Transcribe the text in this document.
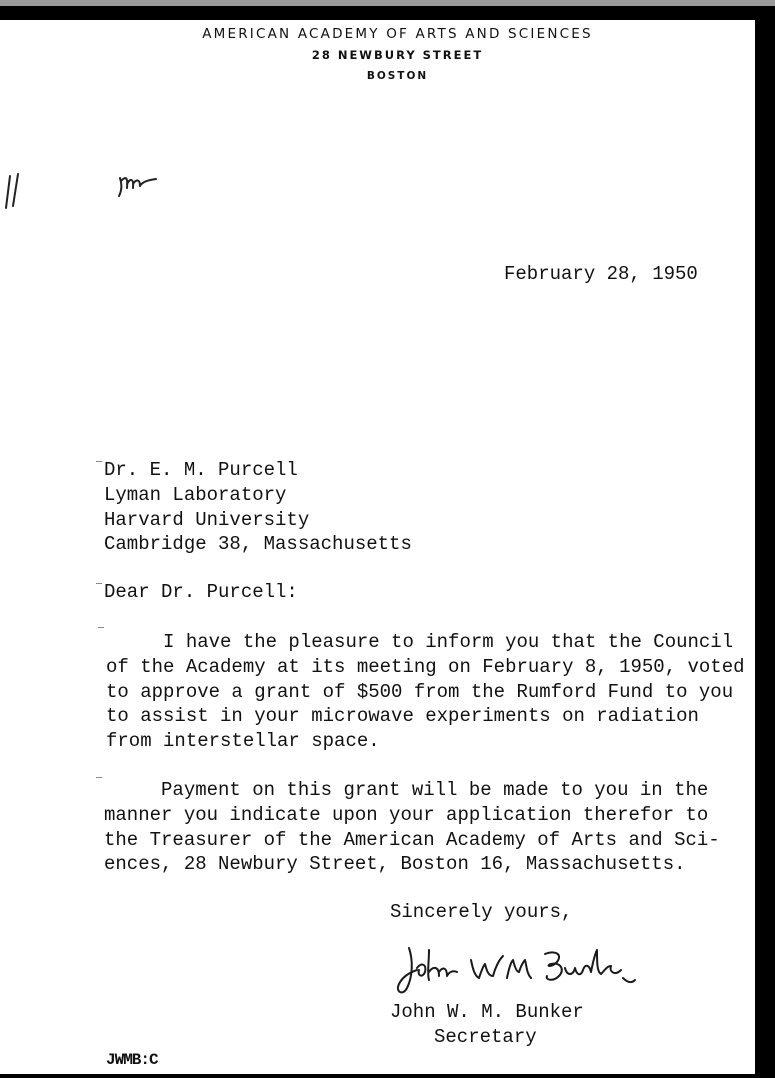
AMERICAN ACADEMY OF ARTS AND SCIENCES
28 NEWBURY STREET
BOSTON
February 28, 1950
Dr. E. M. Purcell
Lyman Laboratory
Harvard University
Cambridge 38, Massachusetts
Dear Dr. Purcell:
I have the pleasure to inform you that the Council
of the Academy at its meeting on February 8, 1950, voted
to approve a grant of $500 from the Rumford Fund to you
to assist in your microwave experiments on radiation
from interstellar space.
Payment on this grant will be made to you in the
manner you indicate upon your application therefor to
the Treasurer of the American Academy of Arts and Sci-
ences, 28 Newbury Street, Boston 16, Massachusetts.
Sincerely yours,
John W. M. Bunker
Secretary
JWMB:C
